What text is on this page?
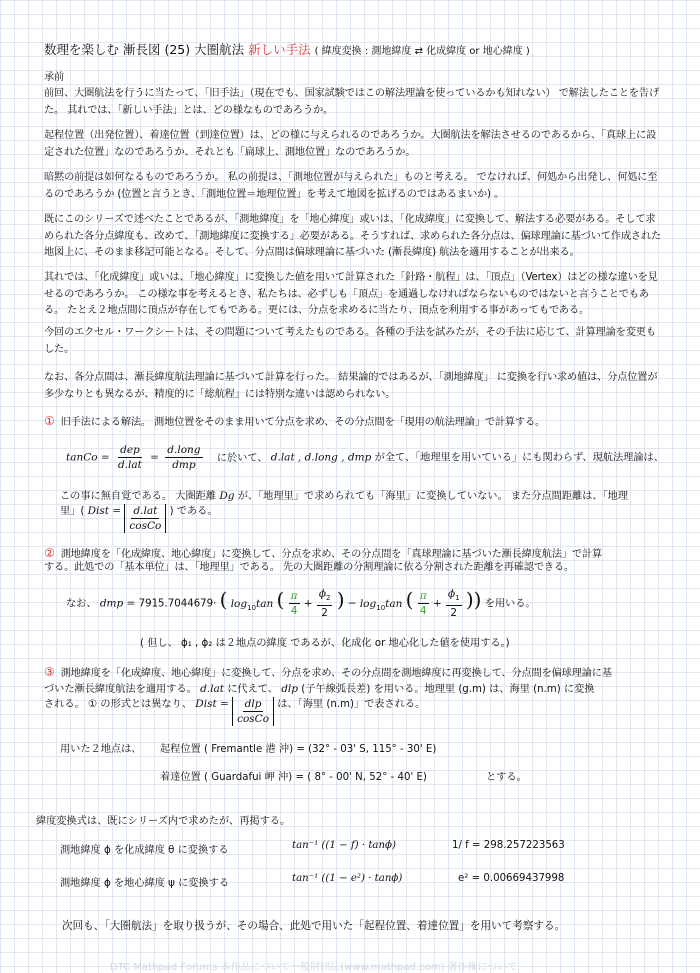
数理を楽しむ 漸長図 (25) 大圏航法 新しい手法 ( 緯度変換 : 測地緯度 ⇄ 化成緯度 or 地心緯度 )
承前
前回、大圏航法を行うに当たって、「旧手法」（現在でも、国家試験ではこの解法理論を使っているかも知れない） で解法したことを告げた。 其れでは、「新しい手法」とは、どの様なものであろうか。
起程位置（出発位置）、着達位置（到達位置）は、どの様に与えられるのであろうか。大圏航法を解法させるのであるから、「真球上に設定された位置」なのであろうか、それとも「扁球上、測地位置」なのであろうか。
暗黙の前提は如何なるものであろうか。 私の前提は、「測地位置が与えられた」ものと考える。 でなければ、何処から出発し、何処に至るのであろうか (位置と言うとき、「測地位置＝地理位置」を考えて地図を拡げるのではあるまいか) 。
既にこのシリーズで述べたことであるが、「測地緯度」を「地心緯度」或いは、「化成緯度」に変換して、解法する必要がある。そして求められた各分点緯度も、改めて、「測地緯度に変換する」必要がある。そうすれば、求められた各分点は、偏球理論に基づいて作成された地図上に、そのまま移記可能となる。そして、分点間は偏球理論に基づいた (漸長緯度) 航法を適用することが出来る。
其れでは、「化成緯度」或いは、「地心緯度」に変換した値を用いて計算された「針路・航程」は、「頂点」（Vertex）はどの様な違いを見せるのであろうか。 この様な事を考えるとき、私たちは、必ずしも「頂点」を通過しなければならないものではないと言うことでもある。 たとえ２地点間に頂点が存在してもである。更には、分点を求めるに当たり、頂点を利用する事があってもである。
今回のエクセル・ワークシートは、その問題について考えたものである。各種の手法を試みたが、その手法に応じて、計算理論を変更もした。
なお、各分点間は、漸長緯度航法理論に基づいて計算を行った。 結果論的ではあるが、「測地緯度」 に変換を行い求め値は、分点位置が多少なりとも異なるが、精度的に「総航程」には特別な違いは認められない。
① 旧手法による解法。 測地位置をそのまま用いて分点を求め、その分点間を「現用の航法理論」で計算する。
tanCo = $\frac{\text{dep}}{\text{d.lat}} = \frac{\text{d.long}}{\text{dmp}}$ に於いて、 d.lat , d.long , dmp が全て、「地理里を用いている」にも関わらず、現航法理論は、
この事に無自覚である。 大圏距離 Dg が、「地理里」で求められても「海里」に変換していない。 また分点間距離は、「地理
里」( Dist = $\frac{\text{d.lat}}{\text{cosCo}}$ ) である。
② 測地緯度を「化成緯度、地心緯度」に変換して、分点を求め、その分点間を「真球理論に基づいた漸長緯度航法」で計算
する。此処での「基本単位」は、「地理里」である。 先の大圏距離の分割理論に依る分割された距離を再確認できる。
なお、 dmp = 7915.7044679· ( $\log_{10}\tan$ ( $\frac{\pi}{4} + \frac{\phi_2}{2}$ ) − $\log_{10}\tan$ ( $\frac{\pi}{4} + \frac{\phi_1}{2}$ )) を用いる。
( 但し、 ϕ₁ , ϕ₂ は２地点の緯度 であるが、化成化 or 地心化した値を使用する。)
③ 測地緯度を「化成緯度、地心緯度」に変換して、分点を求め、その分点間を測地緯度に再変換して、分点間を偏球理論に基
づいた漸長緯度航法を適用する。 d.lat に代えて、 dlp (子午線弧長差) を用いる。地理里 (g.m) は、海里 (n.m) に変換
される。 ① の形式とは異なり、 Dist = $\frac{\text{dlp}}{\text{cosCo}}$ は、「海里 (n.m)」で表される。
用いた２地点は、 起程位置 ( Fremantle 港 沖) = (32° - 03' S, 115° - 30' E)
着達位置 ( Guardafui 岬 沖) = ( 8° - 00' N, 52° - 40' E)	とする。
緯度変換式は、既にシリーズ内で求めたが、再掲する。
測地緯度 ϕ を化成緯度 θ に変換する	tan⁻¹ ((1 − f) · tanϕ)	1/ f = 298.257223563
測地緯度 ϕ を地心緯度 ψ に変換する	tan⁻¹ ((1 − e²) · tanϕ)	e² = 0.00669437998
次回も、「大圏航法」を取り扱うが、その場合、此処で用いた「起程位置、着達位置」を用いて考察する。
DTC Mathpad Forums 本作品について一般財団法(www.mathpad.com) 著作権について
